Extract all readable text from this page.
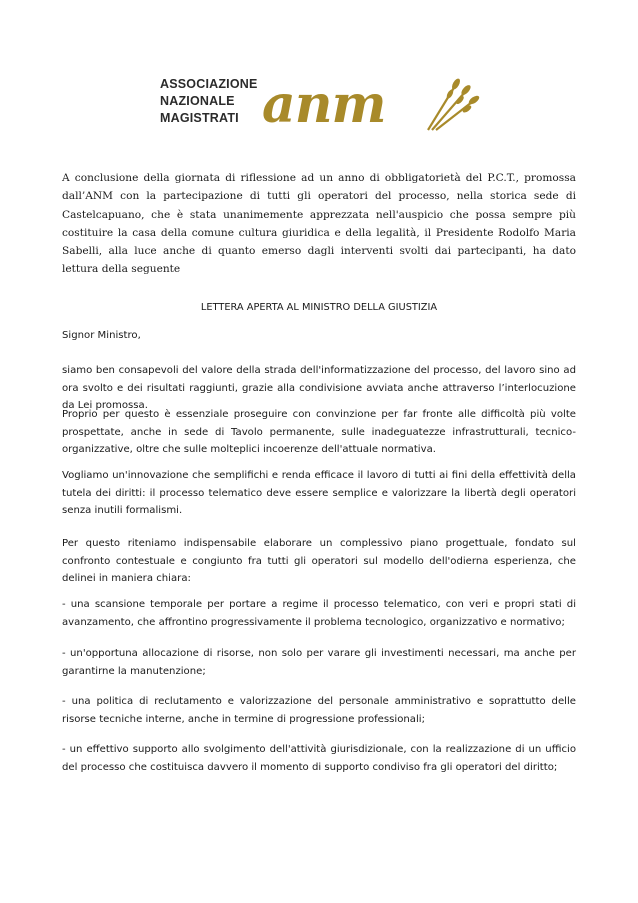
ASSOCIAZIONE
NAZIONALE
MAGISTRATI anm

A conclusione della giornata di riflessione ad un anno di obbligatorietà del P.C.T., promossa dall’ANM con la partecipazione di tutti gli operatori del processo, nella storica sede di Castelcapuano, che è stata unanimemente apprezzata nell'auspicio che possa sempre più costituire la casa della comune cultura giuridica e della legalità, il Presidente Rodolfo Maria Sabelli, alla luce anche di quanto emerso dagli interventi svolti dai partecipanti, ha dato lettura della seguente

LETTERA APERTA AL MINISTRO DELLA GIUSTIZIA

Signor Ministro,

siamo ben consapevoli del valore della strada dell'informatizzazione del processo, del lavoro sino ad ora svolto e dei risultati raggiunti, grazie alla condivisione avviata anche attraverso l’interlocuzione da Lei promossa.

Proprio per questo è essenziale proseguire con convinzione per far fronte alle difficoltà più volte prospettate, anche in sede di Tavolo permanente, sulle inadeguatezze infrastrutturali, tecnico-organizzative, oltre che sulle molteplici incoerenze dell'attuale normativa.

Vogliamo un'innovazione che semplifichi e renda efficace il lavoro di tutti ai fini della effettività della tutela dei diritti: il processo telematico deve essere semplice e valorizzare la libertà degli operatori senza inutili formalismi.

Per questo riteniamo indispensabile elaborare un complessivo piano progettuale, fondato sul confronto contestuale e congiunto fra tutti gli operatori sul modello dell'odierna esperienza, che delinei in maniera chiara:

- una scansione temporale per portare a regime il processo telematico, con veri e propri stati di avanzamento, che affrontino progressivamente il problema tecnologico, organizzativo e normativo;

- un'opportuna allocazione di risorse, non solo per varare gli investimenti necessari, ma anche per garantirne la manutenzione;

- una politica di reclutamento e valorizzazione del personale amministrativo e soprattutto delle risorse tecniche interne, anche in termine di progressione professionali;

- un effettivo supporto allo svolgimento dell'attività giurisdizionale, con la realizzazione di un ufficio del processo che costituisca davvero il momento di supporto condiviso fra gli operatori del diritto;
